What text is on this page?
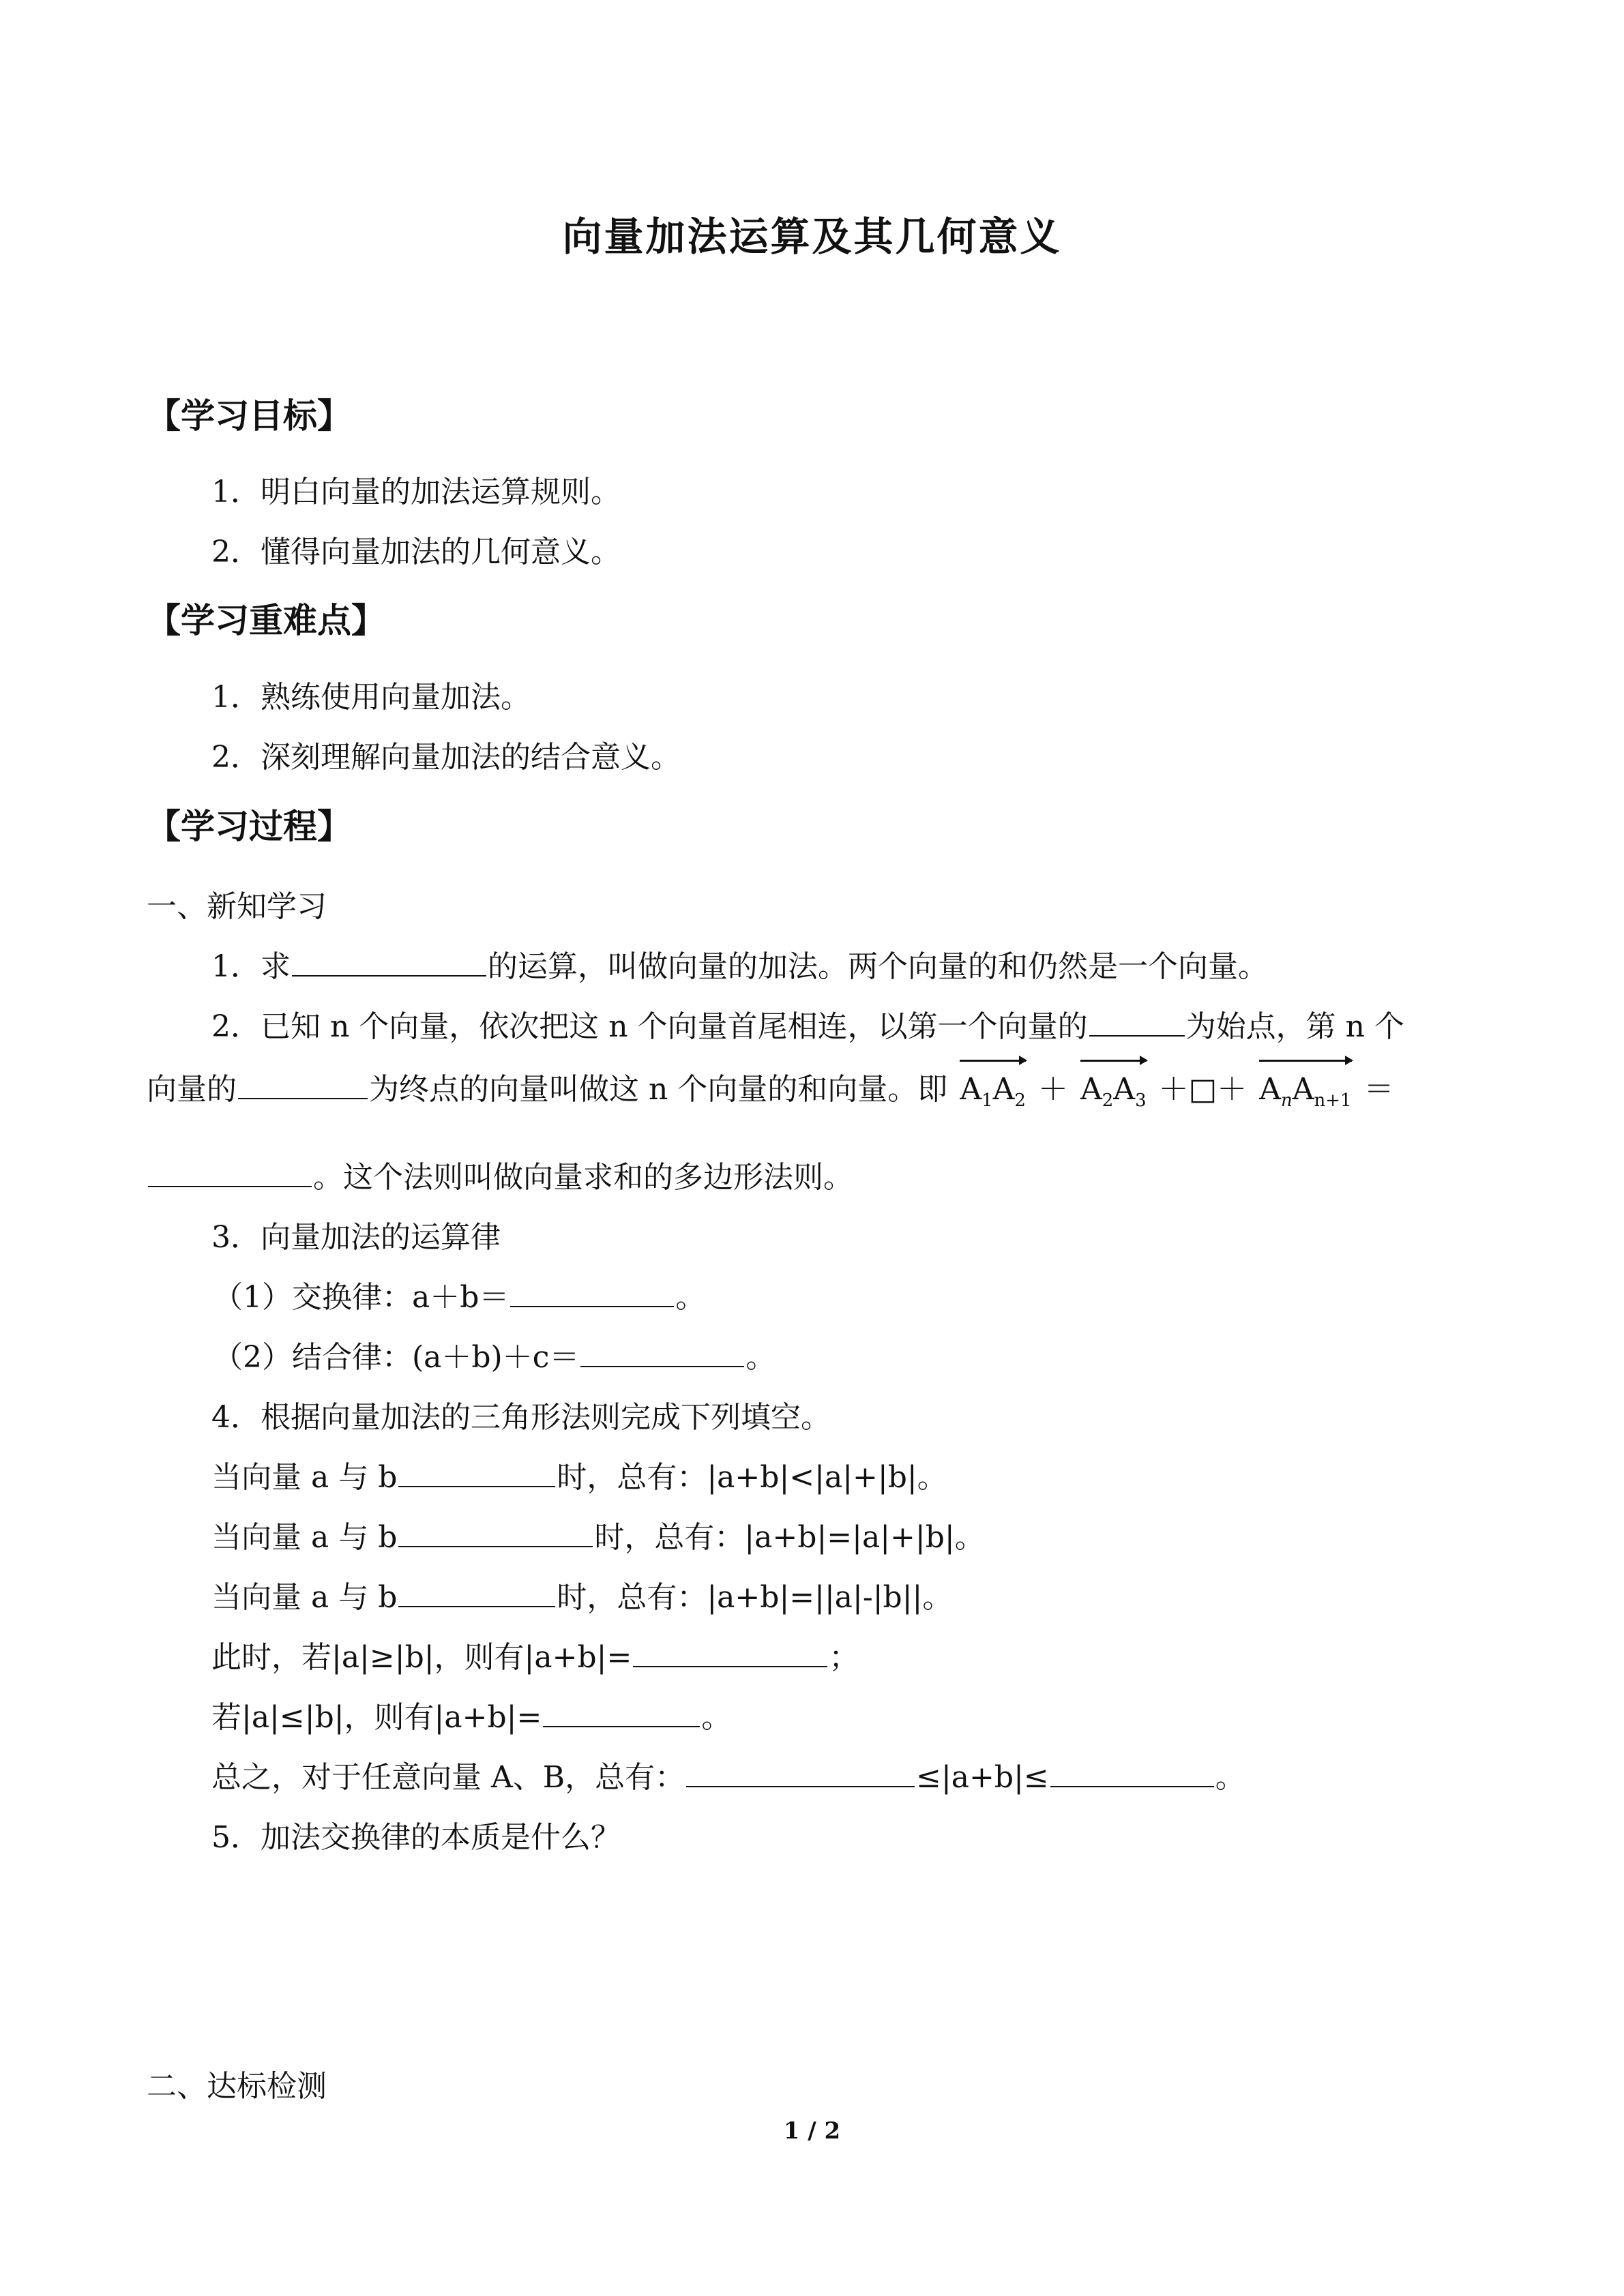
向量加法运算及其几何意义
【学习目标】
1．明白向量的加法运算规则。
2．懂得向量加法的几何意义。
【学习重难点】
1．熟练使用向量加法。
2．深刻理解向量加法的结合意义。
【学习过程】
一、新知学习
1．求	的运算，叫做向量的加法。两个向量的和仍然是一个向量。
2．已知 n 个向量，依次把这 n 个向量首尾相连，以第一个向量的	为始点，第 n 个
向量的	为终点的向量叫做这 n 个向量的和向量。即 $A_1A_2 + A_2A_3$ ＋□＋ $A_nA_{n+1}$ ＝
。这个法则叫做向量求和的多边形法则。
3．向量加法的运算律
（1）交换律：a＋b＝	。
（2）结合律：(a＋b)＋c＝	。
4．根据向量加法的三角形法则完成下列填空。
当向量 a 与 b	时，总有：|a+b|<|a|+|b|。
当向量 a 与 b	时，总有：|a+b|=|a|+|b|。
当向量 a 与 b	时，总有：|a+b|=||a|-|b||。
此时，若|a|≥|b|，则有|a+b|=	；
若|a|≤|b|，则有|a+b|=	。
总之，对于任意向量 A、B，总有：	≤|a+b|≤	。
5．加法交换律的本质是什么？
二、达标检测
1 / 2
